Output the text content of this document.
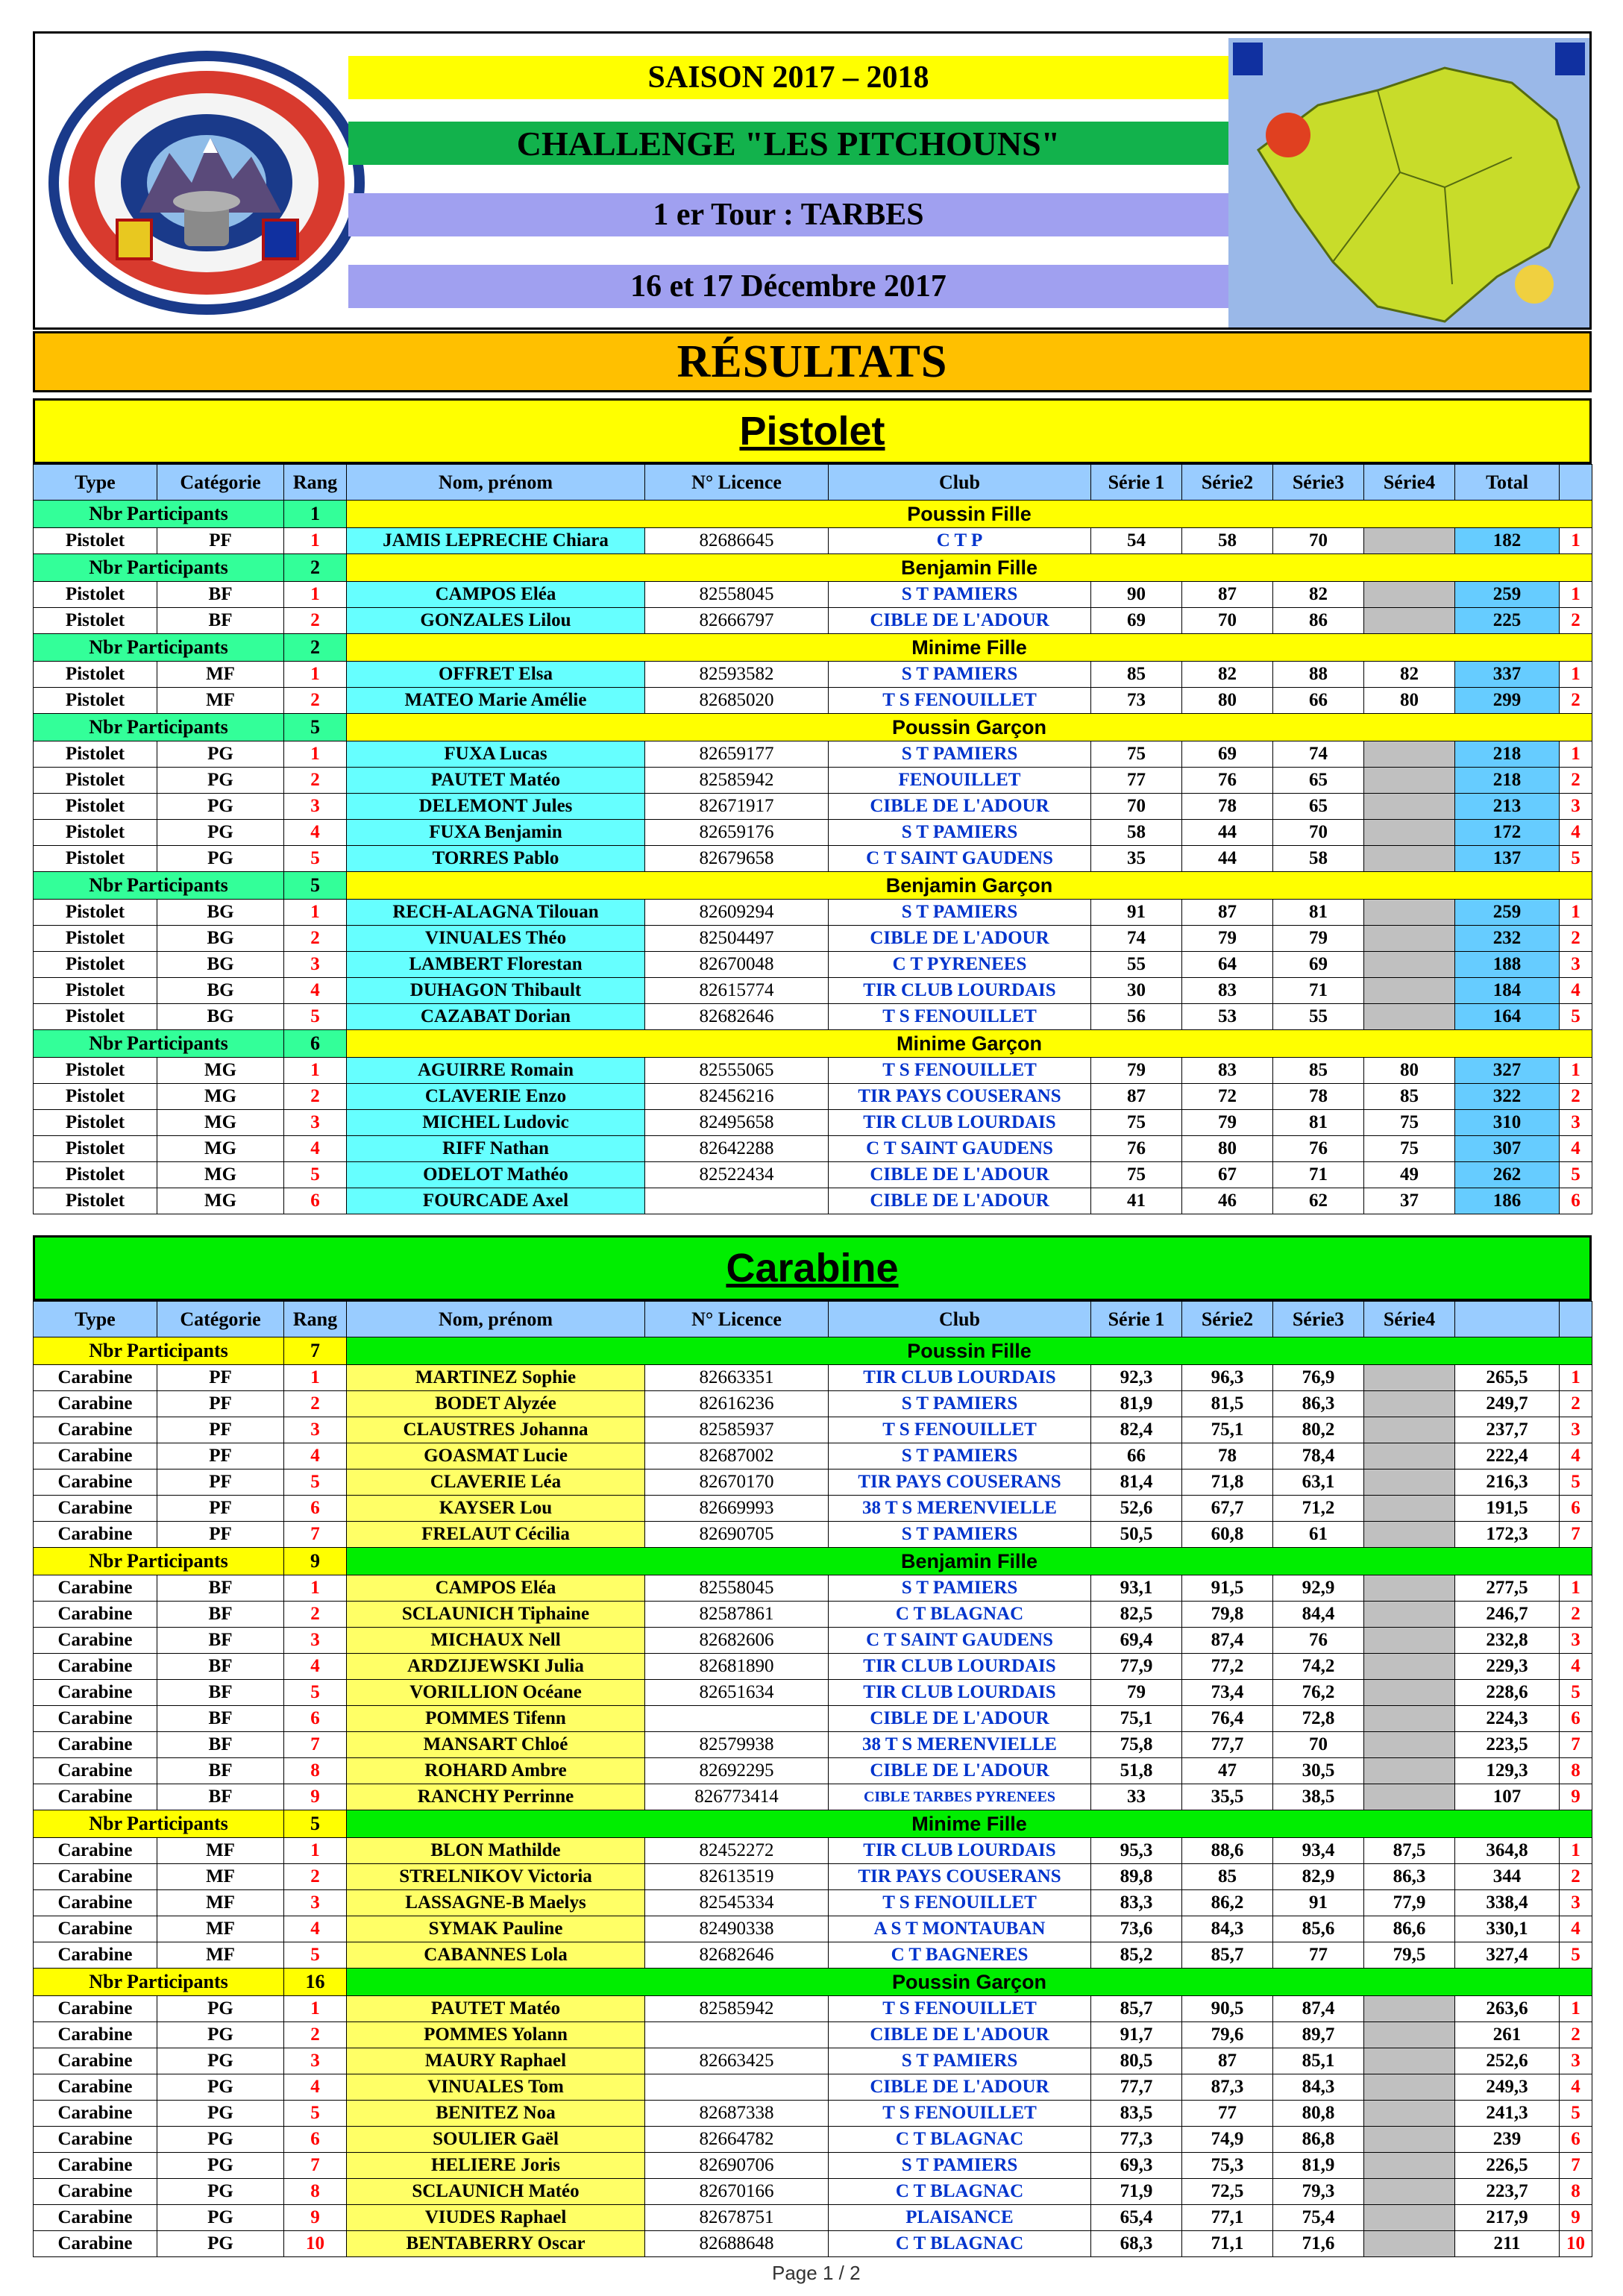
SAISON 2017 – 2018
CHALLENGE "LES PITCHOUNS"
1 er Tour : TARBES
16 et 17 Décembre 2017
RÉSULTATS
Pistolet
Type	Catégorie	Rang	Nom, prénom	N° Licence	Club	Série 1	Série2	Série3	Série4	Total	
Nbr Participants		1	Poussin Fille								
Pistolet	PF	1	JAMIS LEPRECHE Chiara	82686645	C T P	54	58	70		182	1
Nbr Participants		2	Benjamin Fille								
Pistolet	BF	1	CAMPOS Eléa	82558045	S T PAMIERS	90	87	82		259	1
Pistolet	BF	2	GONZALES Lilou	82666797	CIBLE DE L'ADOUR	69	70	86		225	2
Nbr Participants		2	Minime Fille								
Pistolet	MF	1	OFFRET Elsa	82593582	S T PAMIERS	85	82	88	82	337	1
Pistolet	MF	2	MATEO Marie Amélie	82685020	T S FENOUILLET	73	80	66	80	299	2
Nbr Participants		5	Poussin Garçon								
Pistolet	PG	1	FUXA Lucas	82659177	S T PAMIERS	75	69	74		218	1
Pistolet	PG	2	PAUTET Matéo	82585942	FENOUILLET	77	76	65		218	2
Pistolet	PG	3	DELEMONT Jules	82671917	CIBLE DE L'ADOUR	70	78	65		213	3
Pistolet	PG	4	FUXA Benjamin	82659176	S T PAMIERS	58	44	70		172	4
Pistolet	PG	5	TORRES Pablo	82679658	C T SAINT GAUDENS	35	44	58		137	5
Nbr Participants		5	Benjamin Garçon								
Pistolet	BG	1	RECH-ALAGNA Tilouan	82609294	S T PAMIERS	91	87	81		259	1
Pistolet	BG	2	VINUALES Théo	82504497	CIBLE DE L'ADOUR	74	79	79		232	2
Pistolet	BG	3	LAMBERT Florestan	82670048	C T PYRENEES	55	64	69		188	3
Pistolet	BG	4	DUHAGON Thibault	82615774	TIR CLUB LOURDAIS	30	83	71		184	4
Pistolet	BG	5	CAZABAT Dorian	82682646	T S FENOUILLET	56	53	55		164	5
Nbr Participants		6	Minime Garçon								
Pistolet	MG	1	AGUIRRE Romain	82555065	T S FENOUILLET	79	83	85	80	327	1
Pistolet	MG	2	CLAVERIE Enzo	82456216	TIR PAYS COUSERANS	87	72	78	85	322	2
Pistolet	MG	3	MICHEL Ludovic	82495658	TIR CLUB LOURDAIS	75	79	81	75	310	3
Pistolet	MG	4	RIFF Nathan	82642288	C T SAINT GAUDENS	76	80	76	75	307	4
Pistolet	MG	5	ODELOT Mathéo	82522434	CIBLE DE L'ADOUR	75	67	71	49	262	5
Pistolet	MG	6	FOURCADE Axel		CIBLE DE L'ADOUR	41	46	62	37	186	6
Carabine
Type	Catégorie	Rang	Nom, prénom	N° Licence	Club	Série 1	Série2	Série3	Série4		
Nbr Participants		7	Poussin Fille								
Carabine	PF	1	MARTINEZ Sophie	82663351	TIR CLUB LOURDAIS	92,3	96,3	76,9		265,5	1
Carabine	PF	2	BODET Alyzée	82616236	S T PAMIERS	81,9	81,5	86,3		249,7	2
Carabine	PF	3	CLAUSTRES Johanna	82585937	T S FENOUILLET	82,4	75,1	80,2		237,7	3
Carabine	PF	4	GOASMAT Lucie	82687002	S T PAMIERS	66	78	78,4		222,4	4
Carabine	PF	5	CLAVERIE Léa	82670170	TIR PAYS COUSERANS	81,4	71,8	63,1		216,3	5
Carabine	PF	6	KAYSER Lou	82669993	38 T S MERENVIELLE	52,6	67,7	71,2		191,5	6
Carabine	PF	7	FRELAUT Cécilia	82690705	S T PAMIERS	50,5	60,8	61		172,3	7
Nbr Participants		9	Benjamin Fille								
Carabine	BF	1	CAMPOS Eléa	82558045	S T PAMIERS	93,1	91,5	92,9		277,5	1
Carabine	BF	2	SCLAUNICH Tiphaine	82587861	C T BLAGNAC	82,5	79,8	84,4		246,7	2
Carabine	BF	3	MICHAUX Nell	82682606	C T SAINT GAUDENS	69,4	87,4	76		232,8	3
Carabine	BF	4	ARDZIJEWSKI Julia	82681890	TIR CLUB LOURDAIS	77,9	77,2	74,2		229,3	4
Carabine	BF	5	VORILLION Océane	82651634	TIR CLUB LOURDAIS	79	73,4	76,2		228,6	5
Carabine	BF	6	POMMES Tifenn		CIBLE DE L'ADOUR	75,1	76,4	72,8		224,3	6
Carabine	BF	7	MANSART Chloé	82579938	38 T S MERENVIELLE	75,8	77,7	70		223,5	7
Carabine	BF	8	ROHARD Ambre	82692295	CIBLE DE L'ADOUR	51,8	47	30,5		129,3	8
Carabine	BF	9	RANCHY Perrinne	826773414	CIBLE TARBES PYRENEES	33	35,5	38,5		107	9
Nbr Participants		5	Minime Fille								
Carabine	MF	1	BLON Mathilde	82452272	TIR CLUB LOURDAIS	95,3	88,6	93,4	87,5	364,8	1
Carabine	MF	2	STRELNIKOV Victoria	82613519	TIR PAYS COUSERANS	89,8	85	82,9	86,3	344	2
Carabine	MF	3	LASSAGNE-B Maelys	82545334	T S FENOUILLET	83,3	86,2	91	77,9	338,4	3
Carabine	MF	4	SYMAK Pauline	82490338	A S T MONTAUBAN	73,6	84,3	85,6	86,6	330,1	4
Carabine	MF	5	CABANNES Lola	82682646	C T BAGNERES	85,2	85,7	77	79,5	327,4	5
Nbr Participants		16	Poussin Garçon								
Carabine	PG	1	PAUTET Matéo	82585942	T S FENOUILLET	85,7	90,5	87,4		263,6	1
Carabine	PG	2	POMMES Yolann		CIBLE DE L'ADOUR	91,7	79,6	89,7		261	2
Carabine	PG	3	MAURY Raphael	82663425	S T PAMIERS	80,5	87	85,1		252,6	3
Carabine	PG	4	VINUALES Tom		CIBLE DE L'ADOUR	77,7	87,3	84,3		249,3	4
Carabine	PG	5	BENITEZ Noa	82687338	T S FENOUILLET	83,5	77	80,8		241,3	5
Carabine	PG	6	SOULIER Gaël	82664782	C T BLAGNAC	77,3	74,9	86,8		239	6
Carabine	PG	7	HELIERE Joris	82690706	S T PAMIERS	69,3	75,3	81,9		226,5	7
Carabine	PG	8	SCLAUNICH Matéo	82670166	C T BLAGNAC	71,9	72,5	79,3		223,7	8
Carabine	PG	9	VIUDES Raphael	82678751	PLAISANCE	65,4	77,1	75,4		217,9	9
Carabine	PG	10	BENTABERRY Oscar	82688648	C T BLAGNAC	68,3	71,1	71,6		211	10
Page 1 / 2
